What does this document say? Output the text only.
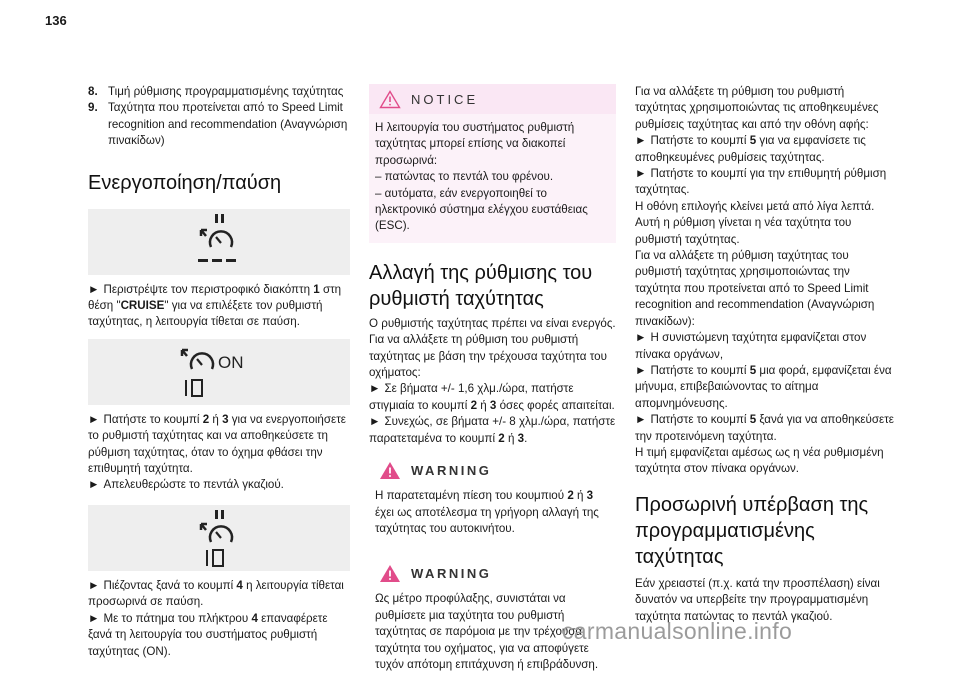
136
8. Τιμή ρύθμισης προγραμματισμένης ταχύτητας
9. Ταχύτητα που προτείνεται από το Speed Limit recognition and recommendation (Αναγνώριση πινακίδων)
Ενεργοποίηση/παύση

► Περιστρέψτε τον περιστροφικό διακόπτη 1 στη θέση "CRUISE" για να επιλέξετε τον ρυθμιστή ταχύτητας, η λειτουργία τίθεται σε παύση.

ON

► Πατήστε το κουμπί 2 ή 3 για να ενεργοποιήσετε το ρυθμιστή ταχύτητας και να αποθηκεύσετε τη ρύθμιση ταχύτητας, όταν το όχημα φθάσει την επιθυμητή ταχύτητα.
► Απελευθερώστε το πεντάλ γκαζιού.

► Πιέζοντας ξανά το κουμπί 4 η λειτουργία τίθεται προσωρινά σε παύση.
► Με το πάτημα του πλήκτρου 4 επαναφέρετε ξανά τη λειτουργία του συστήματος ρυθμιστή ταχύτητας (ON).

NOTICE
Η λειτουργία του συστήματος ρυθμιστή ταχύτητας μπορεί επίσης να διακοπεί προσωρινά:
– πατώντας το πεντάλ του φρένου.
– αυτόματα, εάν ενεργοποιηθεί το ηλεκτρονικό σύστημα ελέγχου ευστάθειας (ESC).
Αλλαγή της ρύθμισης του ρυθμιστή ταχύτητας

Ο ρυθμιστής ταχύτητας πρέπει να είναι ενεργός.
Για να αλλάξετε τη ρύθμιση του ρυθμιστή ταχύτητας με βάση την τρέχουσα ταχύτητα του οχήματος:
► Σε βήματα +/- 1,6 χλμ./ώρα, πατήστε στιγμιαία το κουμπί 2 ή 3 όσες φορές απαιτείται.
► Συνεχώς, σε βήματα +/- 8 χλμ./ώρα, πατήστε παρατεταμένα το κουμπί 2 ή 3.

WARNING
Η παρατεταμένη πίεση του κουμπιού 2 ή 3 έχει ως αποτέλεσμα τη γρήγορη αλλαγή της ταχύτητας του αυτοκινήτου.
WARNING
Ως μέτρο προφύλαξης, συνιστάται να ρυθμίσετε μια ταχύτητα του ρυθμιστή ταχύτητας σε παρόμοια με την τρέχουσα ταχύτητα του οχήματος, για να αποφύγετε τυχόν απότομη επιτάχυνση ή επιβράδυνση.

Για να αλλάξετε τη ρύθμιση του ρυθμιστή ταχύτητας χρησιμοποιώντας τις αποθηκευμένες ρυθμίσεις ταχύτητας και από την οθόνη αφής:
► Πατήστε το κουμπί 5 για να εμφανίσετε τις αποθηκευμένες ρυθμίσεις ταχύτητας.
► Πατήστε το κουμπί για την επιθυμητή ρύθμιση ταχύτητας.
Η οθόνη επιλογής κλείνει μετά από λίγα λεπτά.
Αυτή η ρύθμιση γίνεται η νέα ταχύτητα του ρυθμιστή ταχύτητας.
Για να αλλάξετε τη ρύθμιση ταχύτητας του ρυθμιστή ταχύτητας χρησιμοποιώντας την ταχύτητα που προτείνεται από το Speed Limit recognition and recommendation (Αναγνώριση πινακίδων):
► Η συνιστώμενη ταχύτητα εμφανίζεται στον πίνακα οργάνων,
► Πατήστε το κουμπί 5 μια φορά, εμφανίζεται ένα μήνυμα, επιβεβαιώνοντας το αίτημα απομνημόνευσης.
► Πατήστε το κουμπί 5 ξανά για να αποθηκεύσετε την προτεινόμενη ταχύτητα.
Η τιμή εμφανίζεται αμέσως ως η νέα ρυθμισμένη ταχύτητα στον πίνακα οργάνων.

Προσωρινή υπέρβαση της προγραμματισμένης ταχύτητας

Εάν χρειαστεί (π.χ. κατά την προσπέλαση) είναι δυνατόν να υπερβείτε την προγραμματισμένη ταχύτητα πατώντας το πεντάλ γκαζιού.

carmanualsonline.info
